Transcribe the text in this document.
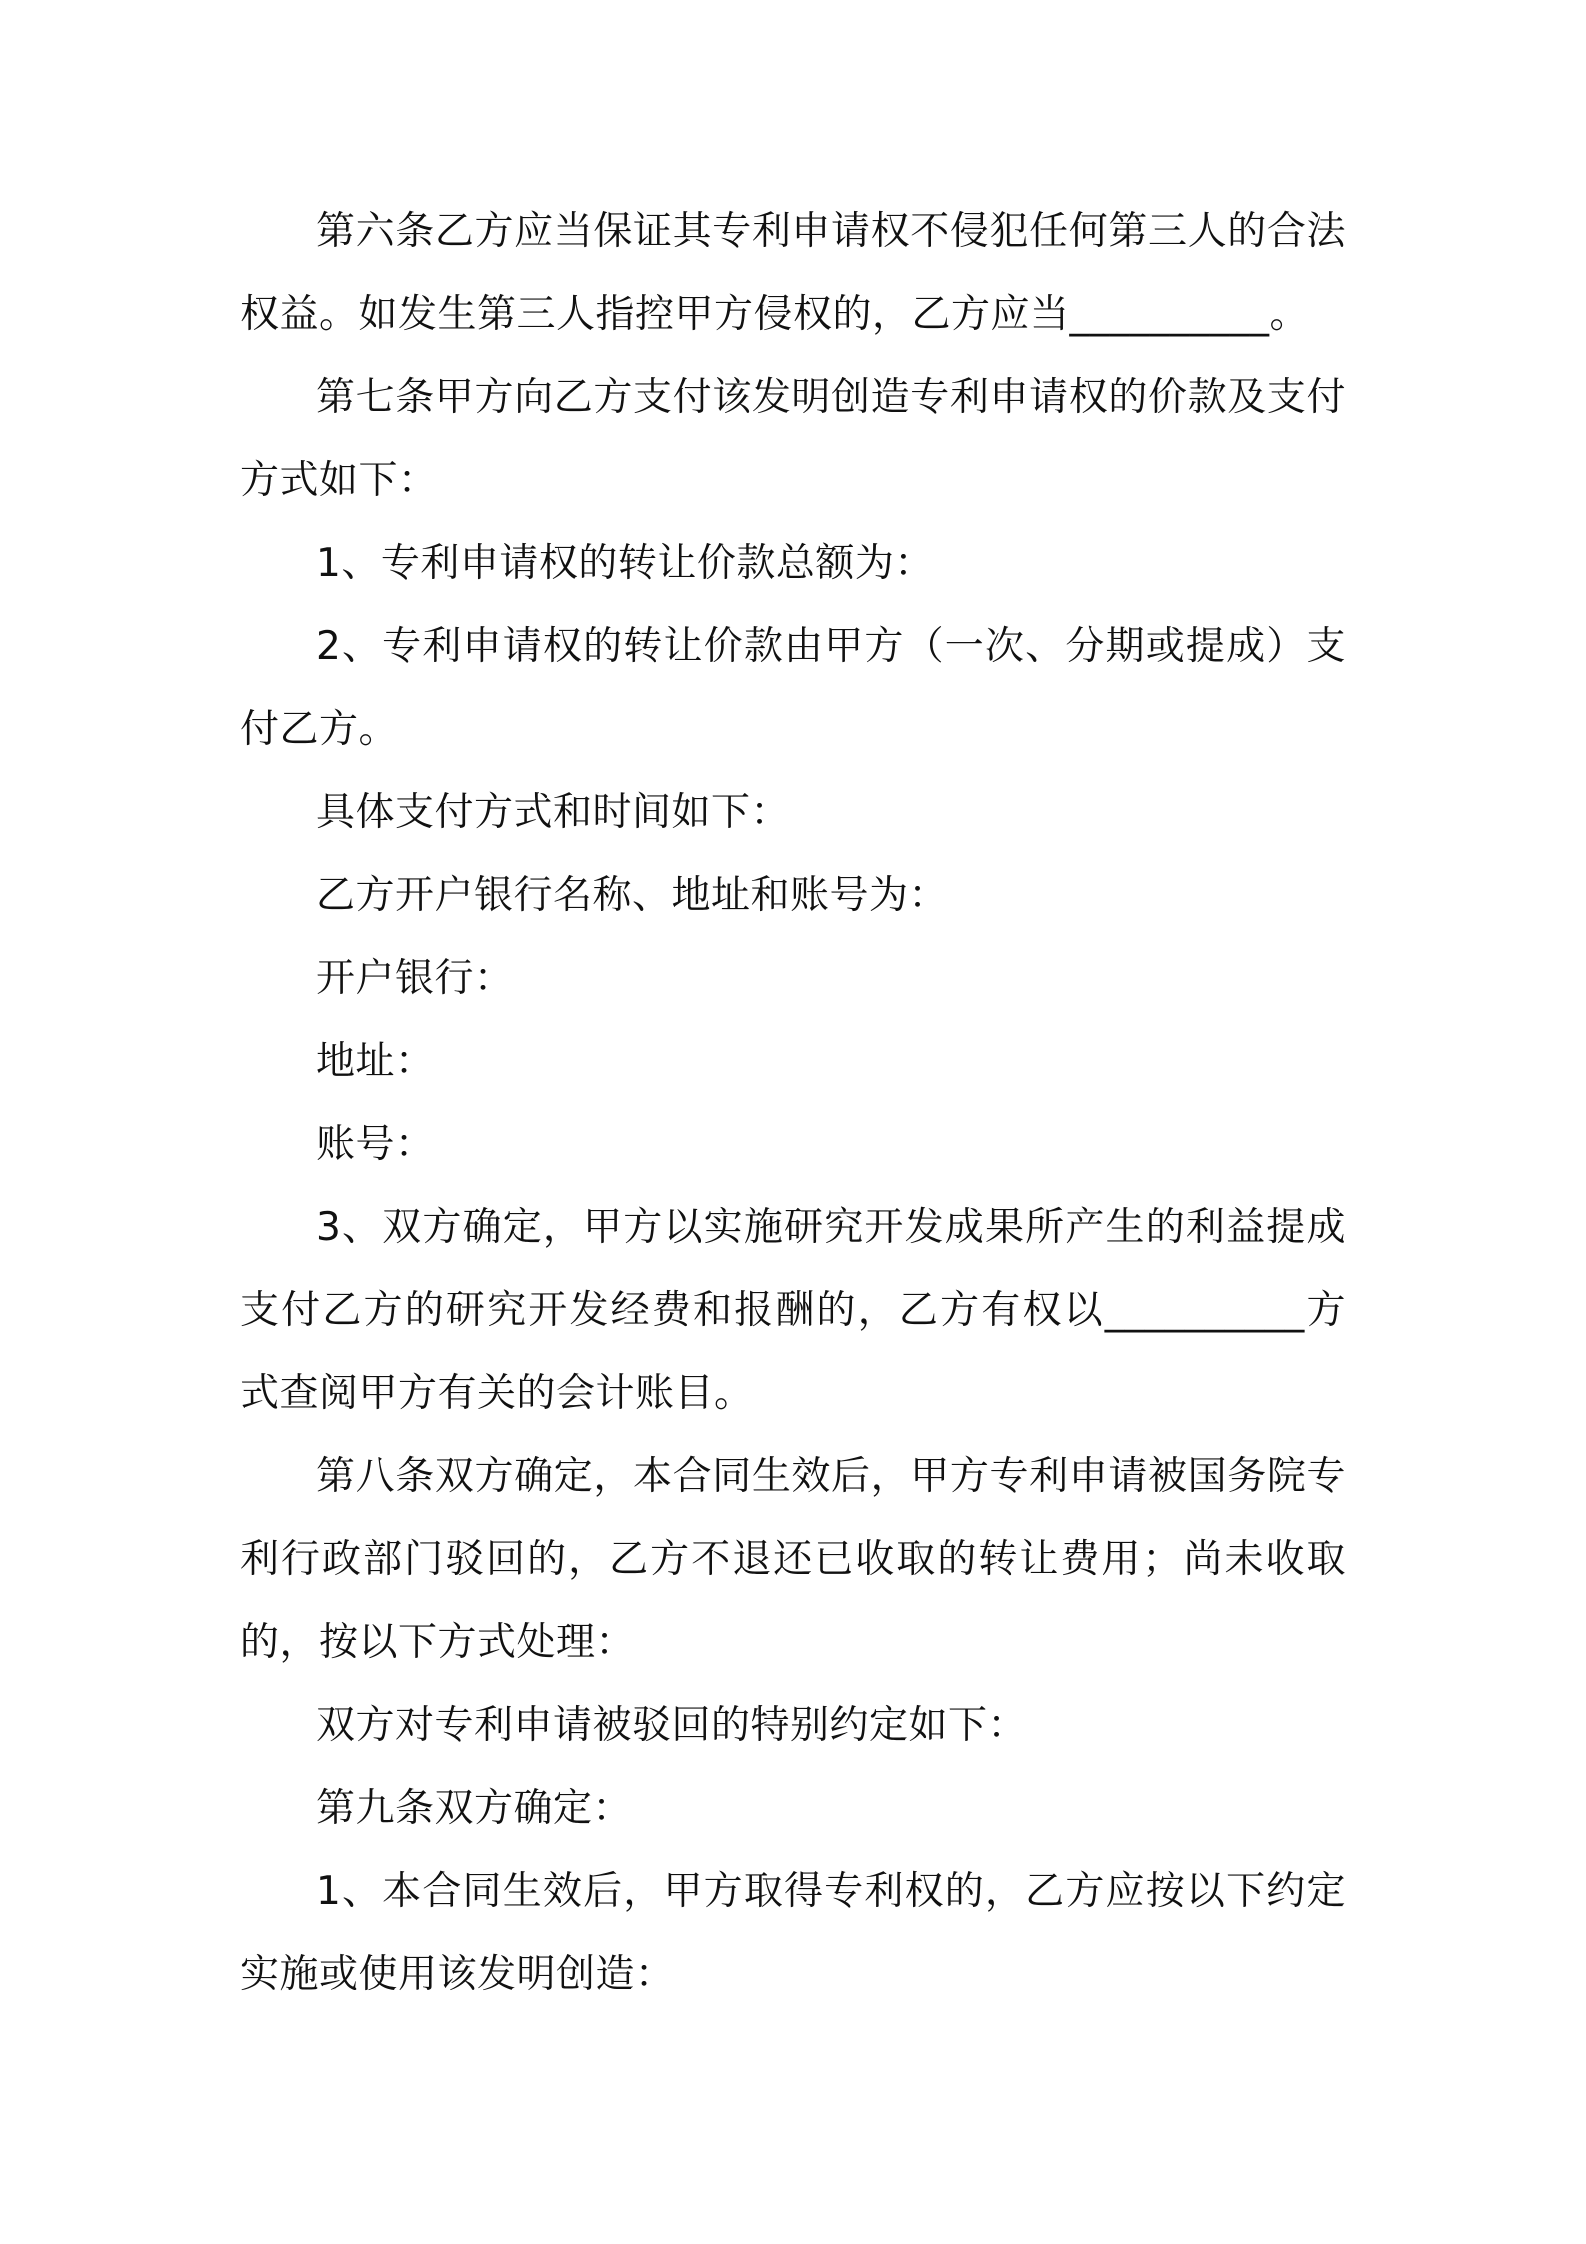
第六条乙方应当保证其专利申请权不侵犯任何第三人的合法权益。如发生第三人指控甲方侵权的，乙方应当__________。

第七条甲方向乙方支付该发明创造专利申请权的价款及支付方式如下：

1、专利申请权的转让价款总额为：

2、专利申请权的转让价款由甲方（一次、分期或提成）支付乙方。

具体支付方式和时间如下：

乙方开户银行名称、地址和账号为：

开户银行：

地址：

账号：

3、双方确定，甲方以实施研究开发成果所产生的利益提成支付乙方的研究开发经费和报酬的，乙方有权以__________方式查阅甲方有关的会计账目。

第八条双方确定，本合同生效后，甲方专利申请被国务院专利行政部门驳回的，乙方不退还已收取的转让费用；尚未收取的，按以下方式处理：

双方对专利申请被驳回的特别约定如下：

第九条双方确定：

1、本合同生效后，甲方取得专利权的，乙方应按以下约定实施或使用该发明创造：
